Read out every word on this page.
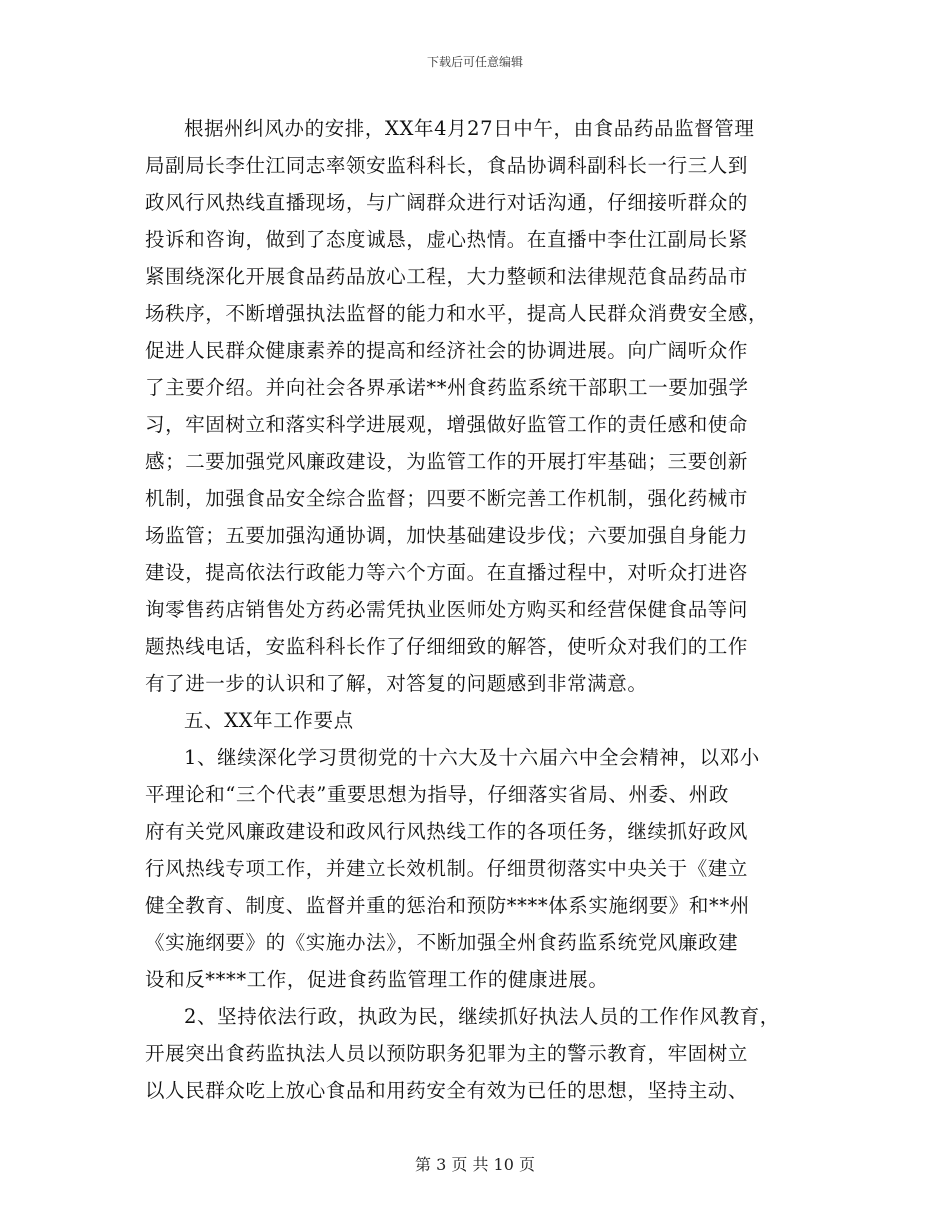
下载后可任意编辑
根据州纠风办的安排，XX年4月27日中午，由食品药品监督管理
局副局长李仕江同志率领安监科科长，食品协调科副科长一行三人到
政风行风热线直播现场，与广阔群众进行对话沟通，仔细接听群众的
投诉和咨询，做到了态度诚恳，虚心热情。在直播中李仕江副局长紧
紧围绕深化开展食品药品放心工程，大力整顿和法律规范食品药品市
场秩序，不断增强执法监督的能力和水平，提高人民群众消费安全感，
促进人民群众健康素养的提高和经济社会的协调进展。向广阔听众作
了主要介绍。并向社会各界承诺**州食药监系统干部职工一要加强学
习，牢固树立和落实科学进展观，增强做好监管工作的责任感和使命
感；二要加强党风廉政建设，为监管工作的开展打牢基础；三要创新
机制，加强食品安全综合监督；四要不断完善工作机制，强化药械市
场监管；五要加强沟通协调，加快基础建设步伐；六要加强自身能力
建设，提高依法行政能力等六个方面。在直播过程中，对听众打进咨
询零售药店销售处方药必需凭执业医师处方购买和经营保健食品等问
题热线电话，安监科科长作了仔细细致的解答，使听众对我们的工作
有了进一步的认识和了解，对答复的问题感到非常满意。
五、XX年工作要点
1、继续深化学习贯彻党的十六大及十六届六中全会精神，以邓小
平理论和“三个代表”重要思想为指导，仔细落实省局、州委、州政
府有关党风廉政建设和政风行风热线工作的各项任务，继续抓好政风
行风热线专项工作，并建立长效机制。仔细贯彻落实中央关于《建立
健全教育、制度、监督并重的惩治和预防****体系实施纲要》和**州
《实施纲要》的《实施办法》，不断加强全州食药监系统党风廉政建
设和反****工作，促进食药监管理工作的健康进展。
2、坚持依法行政，执政为民，继续抓好执法人员的工作作风教育，
开展突出食药监执法人员以预防职务犯罪为主的警示教育，牢固树立
以人民群众吃上放心食品和用药安全有效为已任的思想，坚持主动、
第 3 页 共 10 页
